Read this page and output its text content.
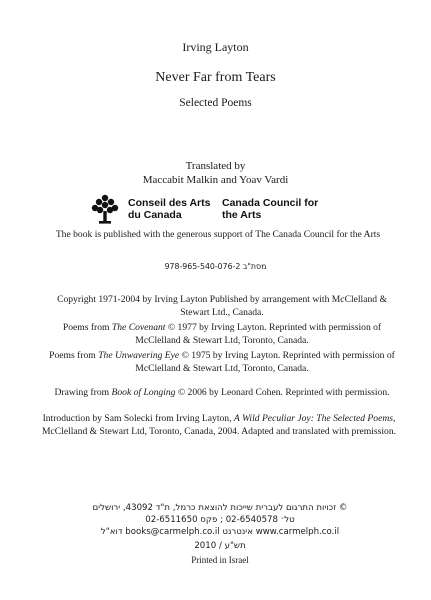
Irving Layton
Never Far from Tears
Selected Poems
Translated by
Maccabit Malkin and Yoav Vardi
Conseil des Arts du Canada
Canada Council for the Arts
The book is published with the generous support of The Canada Council for the Arts
978-965-540-076-2 מסת"ב
Copyright 1971-2004 by Irving Layton Published by arrangement with McClelland & Stewart Ltd., Canada.
Poems from The Covenant © 1977 by Irving Layton. Reprinted with permission of McClelland & Stewart Ltd, Toronto, Canada.
Poems from The Unwavering Eye © 1975 by Irving Layton. Reprinted with permission of McClelland & Stewart Ltd, Toronto, Canada.
Drawing from Book of Longing © 2006 by Leonard Cohen. Reprinted with permission.
Introduction by Sam Solecki from Irving Layton, A Wild Peculiar Joy: The Selected Poems, McClelland & Stewart Ltd, Toronto, Canada, 2004. Adapted and translated with premission.
© זכויות התרגום לעברית שייכות להוצאת כרמל, ת"ד 43092, ירושלים
טל׳ 02-6540578 ; פקס 02-6511650
www.carmelph.co.il אינטרנט books@carmelph.co.il דוא"ל
תש"ע / 2010
Printed in Israel
